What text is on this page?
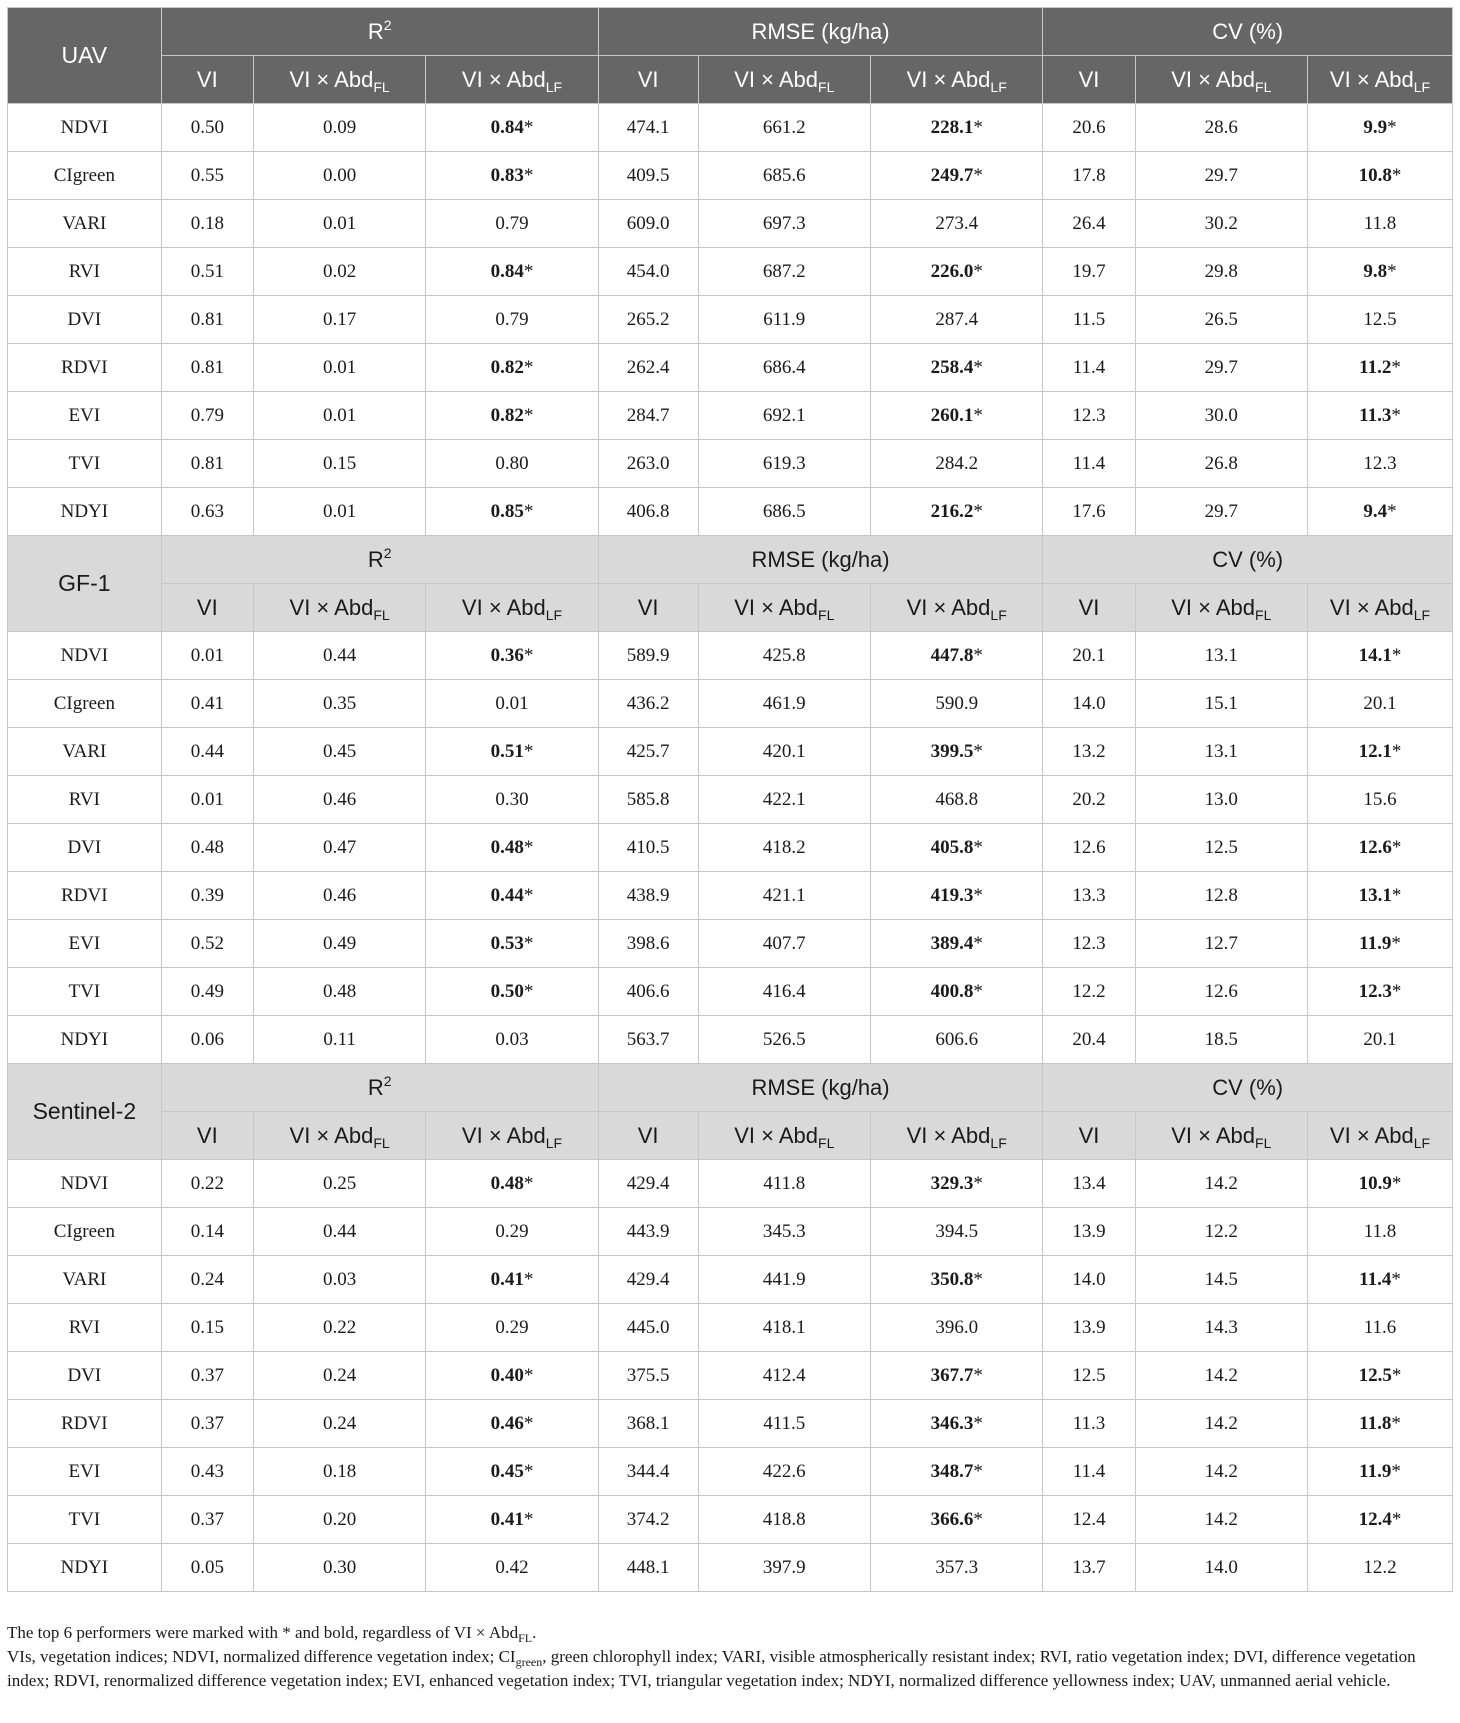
UAV	$R^2$			RMSE (kg/ha)			CV (%)		
	VI	VI × Abd$_{FL}$	VI × Abd$_{LF}$	VI	VI × Abd$_{FL}$	VI × Abd$_{LF}$	VI	VI × Abd$_{FL}$	VI × Abd$_{LF}$
NDVI	0.50	0.09	0.84*	474.1	661.2	228.1*	20.6	28.6	9.9*
CIgreen	0.55	0.00	0.83*	409.5	685.6	249.7*	17.8	29.7	10.8*
VARI	0.18	0.01	0.79	609.0	697.3	273.4	26.4	30.2	11.8
RVI	0.51	0.02	0.84*	454.0	687.2	226.0*	19.7	29.8	9.8*
DVI	0.81	0.17	0.79	265.2	611.9	287.4	11.5	26.5	12.5
RDVI	0.81	0.01	0.82*	262.4	686.4	258.4*	11.4	29.7	11.2*
EVI	0.79	0.01	0.82*	284.7	692.1	260.1*	12.3	30.0	11.3*
TVI	0.81	0.15	0.80	263.0	619.3	284.2	11.4	26.8	12.3
NDYI	0.63	0.01	0.85*	406.8	686.5	216.2*	17.6	29.7	9.4*
GF-1	$R^2$			RMSE (kg/ha)			CV (%)		
	VI	VI × Abd$_{FL}$	VI × Abd$_{LF}$	VI	VI × Abd$_{FL}$	VI × Abd$_{LF}$	VI	VI × Abd$_{FL}$	VI × Abd$_{LF}$
NDVI	0.01	0.44	0.36*	589.9	425.8	447.8*	20.1	13.1	14.1*
CIgreen	0.41	0.35	0.01	436.2	461.9	590.9	14.0	15.1	20.1
VARI	0.44	0.45	0.51*	425.7	420.1	399.5*	13.2	13.1	12.1*
RVI	0.01	0.46	0.30	585.8	422.1	468.8	20.2	13.0	15.6
DVI	0.48	0.47	0.48*	410.5	418.2	405.8*	12.6	12.5	12.6*
RDVI	0.39	0.46	0.44*	438.9	421.1	419.3*	13.3	12.8	13.1*
EVI	0.52	0.49	0.53*	398.6	407.7	389.4*	12.3	12.7	11.9*
TVI	0.49	0.48	0.50*	406.6	416.4	400.8*	12.2	12.6	12.3*
NDYI	0.06	0.11	0.03	563.7	526.5	606.6	20.4	18.5	20.1
Sentinel-2	$R^2$			RMSE (kg/ha)			CV (%)		
	VI	VI × Abd$_{FL}$	VI × Abd$_{LF}$	VI	VI × Abd$_{FL}$	VI × Abd$_{LF}$	VI	VI × Abd$_{FL}$	VI × Abd$_{LF}$
NDVI	0.22	0.25	0.48*	429.4	411.8	329.3*	13.4	14.2	10.9*
CIgreen	0.14	0.44	0.29	443.9	345.3	394.5	13.9	12.2	11.8
VARI	0.24	0.03	0.41*	429.4	441.9	350.8*	14.0	14.5	11.4*
RVI	0.15	0.22	0.29	445.0	418.1	396.0	13.9	14.3	11.6
DVI	0.37	0.24	0.40*	375.5	412.4	367.7*	12.5	14.2	12.5*
RDVI	0.37	0.24	0.46*	368.1	411.5	346.3*	11.3	14.2	11.8*
EVI	0.43	0.18	0.45*	344.4	422.6	348.7*	11.4	14.2	11.9*
TVI	0.37	0.20	0.41*	374.2	418.8	366.6*	12.4	14.2	12.4*
NDYI	0.05	0.30	0.42	448.1	397.9	357.3	13.7	14.0	12.2

The top 6 performers were marked with * and bold, regardless of VI × Abd$_{FL}$.

VIs, vegetation indices; NDVI, normalized difference vegetation index; $CI_{green}$, green chlorophyll index; VARI, visible atmospherically resistant index; RVI, ratio vegetation index; DVI, difference vegetation index; RDVI, renormalized difference vegetation index; EVI, enhanced vegetation index; TVI, triangular vegetation index; NDYI, normalized difference yellowness index; UAV, unmanned aerial vehicle.
